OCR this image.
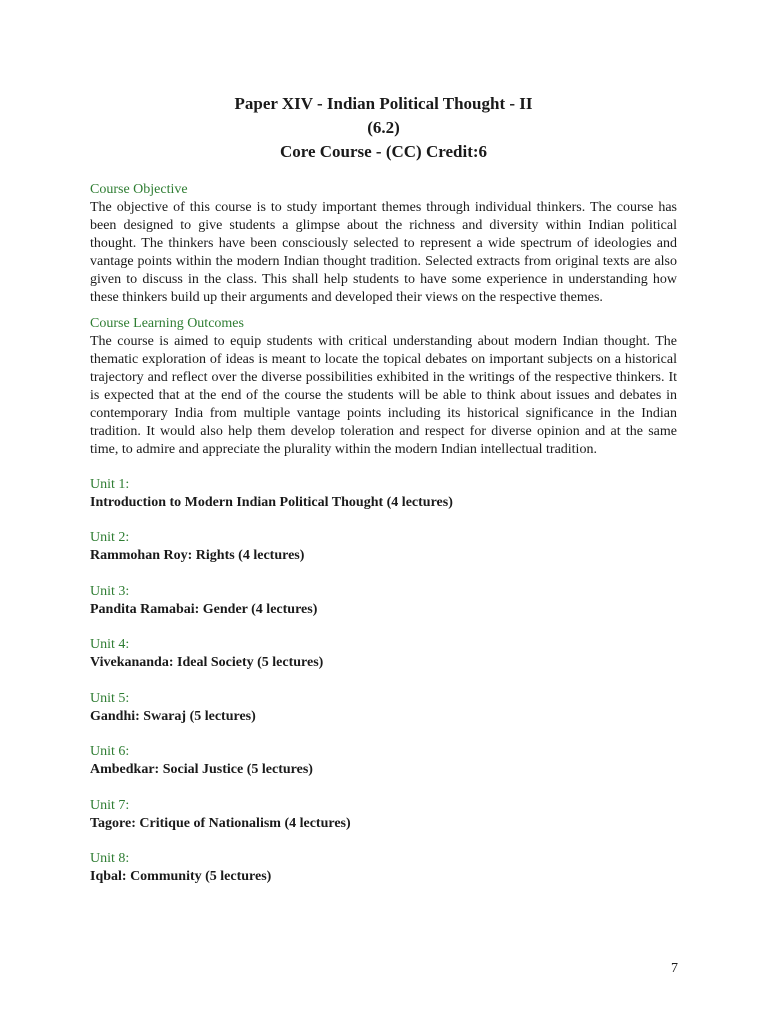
Paper XIV - Indian Political Thought - II
(6.2)
Core Course - (CC) Credit:6
Course Objective

The objective of this course is to study important themes through individual thinkers. The course has been designed to give students a glimpse about the richness and diversity within Indian political thought. The thinkers have been consciously selected to represent a wide spectrum of ideologies and vantage points within the modern Indian thought tradition. Selected extracts from original texts are also given to discuss in the class. This shall help students to have some experience in understanding how these thinkers build up their arguments and developed their views on the respective themes.

Course Learning Outcomes

The course is aimed to equip students with critical understanding about modern Indian thought. The thematic exploration of ideas is meant to locate the topical debates on important subjects on a historical trajectory and reflect over the diverse possibilities exhibited in the writings of the respective thinkers. It is expected that at the end of the course the students will be able to think about issues and debates in contemporary India from multiple vantage points including its historical significance in the Indian tradition. It would also help them develop toleration and respect for diverse opinion and at the same time, to admire and appreciate the plurality within the modern Indian intellectual tradition.

Unit 1:
Introduction to Modern Indian Political Thought (4 lectures)
Unit 2:
Rammohan Roy: Rights (4 lectures)
Unit 3:
Pandita Ramabai: Gender (4 lectures)
Unit 4:
Vivekananda: Ideal Society (5 lectures)
Unit 5:
Gandhi: Swaraj (5 lectures)
Unit 6:
Ambedkar: Social Justice (5 lectures)
Unit 7:
Tagore: Critique of Nationalism (4 lectures)
Unit 8:
Iqbal: Community (5 lectures)
7
